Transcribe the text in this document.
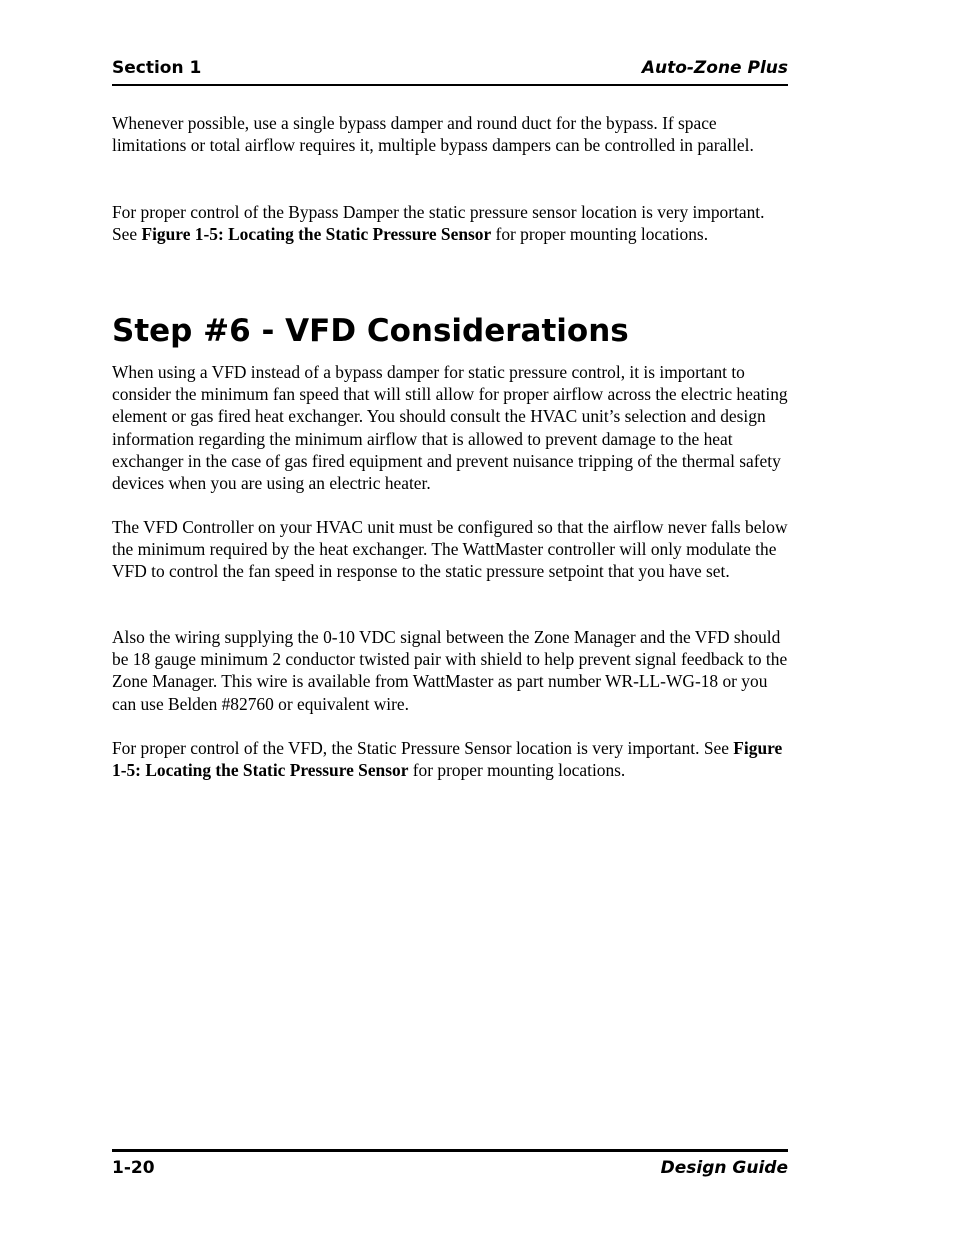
Section 1	Auto-Zone Plus

Whenever possible, use a single bypass damper and round duct for the bypass. If space limitations or total airflow requires it, multiple bypass dampers can be controlled in parallel.

For proper control of the Bypass Damper the static pressure sensor location is very important. See Figure 1-5: Locating the Static Pressure Sensor for proper mounting locations.

Step #6 - VFD Considerations

When using a VFD instead of a bypass damper for static pressure control, it is important to consider the minimum fan speed that will still allow for proper airflow across the electric heating element or gas fired heat exchanger. You should consult the HVAC unit’s selection and design information regarding the minimum airflow that is allowed to prevent damage to the heat exchanger in the case of gas fired equipment and prevent nuisance tripping of the thermal safety devices when you are using an electric heater.

The VFD Controller on your HVAC unit must be configured so that the airflow never falls below the minimum required by the heat exchanger. The WattMaster controller will only modulate the VFD to control the fan speed in response to the static pressure setpoint that you have set.

Also the wiring supplying the 0-10 VDC signal between the Zone Manager and the VFD should be 18 gauge minimum 2 conductor twisted pair with shield to help prevent signal feedback to the Zone Manager. This wire is available from WattMaster as part number WR-LL-WG-18 or you can use Belden #82760 or equivalent wire.

For proper control of the VFD, the Static Pressure Sensor location is very important. See Figure 1-5: Locating the Static Pressure Sensor for proper mounting locations.

1-20	Design Guide
